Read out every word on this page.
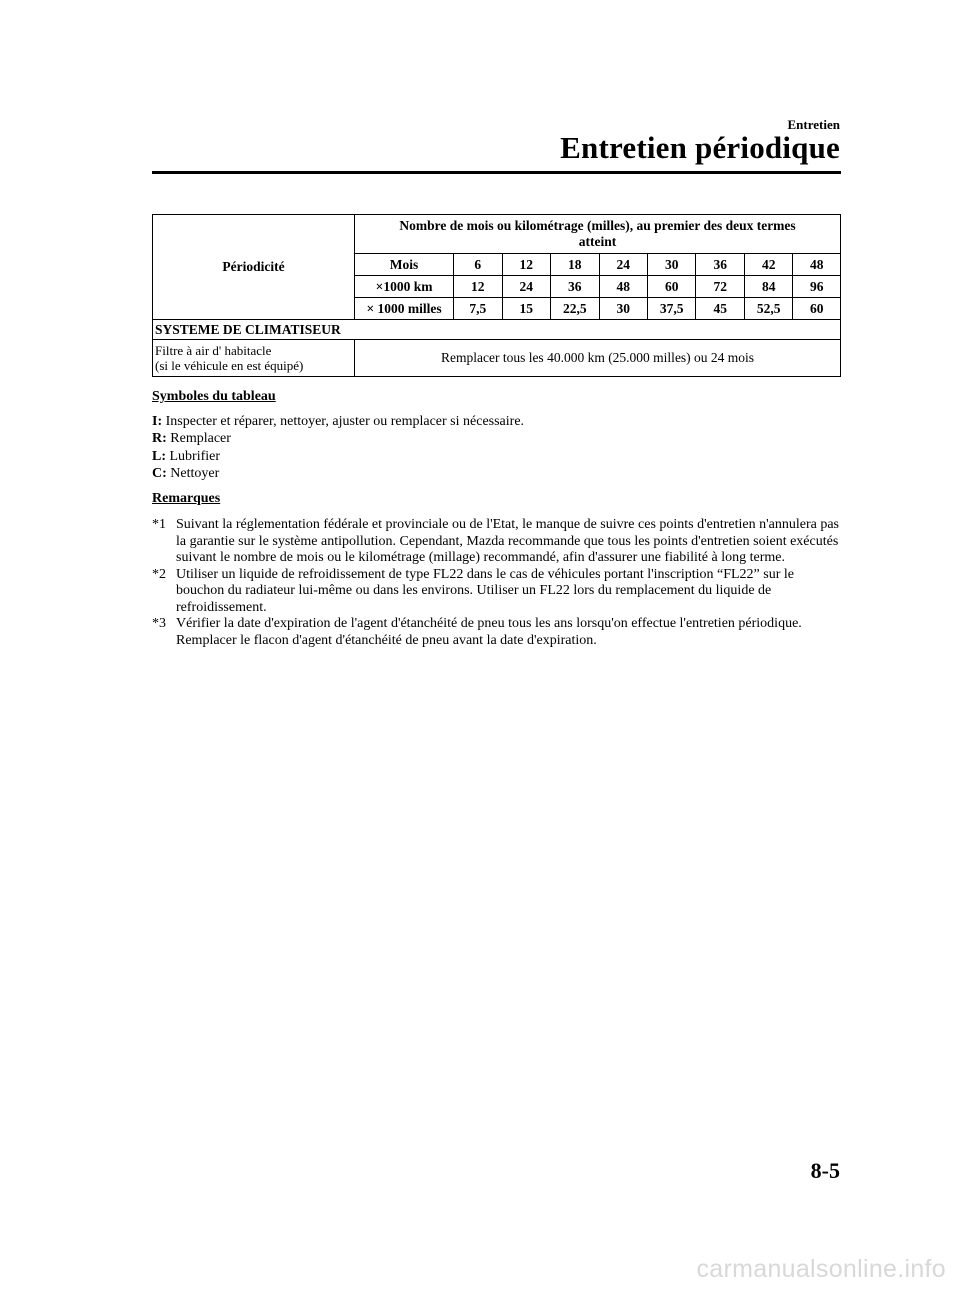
Entretien
Entretien périodique
Périodicité	Nombre de mois ou kilométrage (milles), au premier des deux termes atteint								
	Mois	6	12	18	24	30	36	42	48
	×1000 km	12	24	36	48	60	72	84	96
	× 1000 milles	7,5	15	22,5	30	37,5	45	52,5	60
SYSTEME DE CLIMATISEUR									
Filtre à air d' habitacle
(si le véhicule en est équipé)	Remplacer tous les 40.000 km (25.000 milles) ou 24 mois								
Symboles du tableau
I: Inspecter et réparer, nettoyer, ajuster ou remplacer si nécessaire.
R: Remplacer
L: Lubrifier
C: Nettoyer
Remarques

*1 Suivant la réglementation fédérale et provinciale ou de l'Etat, le manque de suivre ces points d'entretien n'annulera pas la garantie sur le système antipollution. Cependant, Mazda recommande que tous les points d'entretien soient exécutés suivant le nombre de mois ou le kilométrage (millage) recommandé, afin d'assurer une fiabilité à long terme.

*2 Utiliser un liquide de refroidissement de type FL22 dans le cas de véhicules portant l'inscription “FL22” sur le bouchon du radiateur lui-même ou dans les environs. Utiliser un FL22 lors du remplacement du liquide de refroidissement.

*3 Vérifier la date d'expiration de l'agent d'étanchéité de pneu tous les ans lorsqu'on effectue l'entretien périodique. Remplacer le flacon d'agent d'étanchéité de pneu avant la date d'expiration.

8-5
carmanualsonline.info
